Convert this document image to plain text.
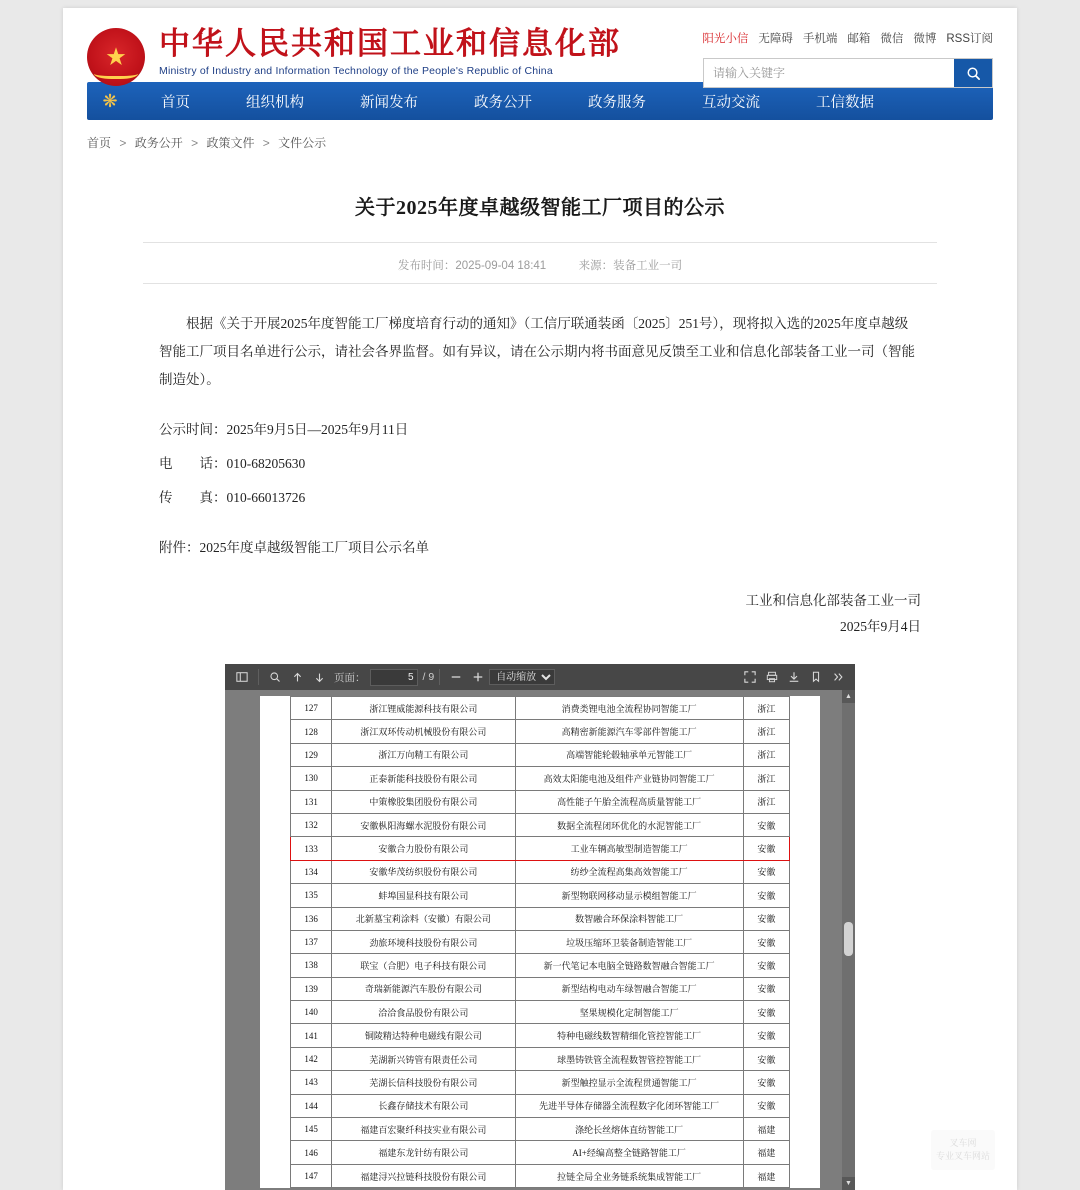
★
中华人民共和国工业和信息化部
Ministry of Industry and Information Technology of the People's Republic of China
阳光小信 无障碍 手机端 邮箱 微信 微博 RSS订阅
请输入关键字
❋	首页	组织机构	新闻发布	政务公开	政务服务	互动交流	工信数据
首页 > 政务公开 > 政策文件 > 文件公示
关于2025年度卓越级智能工厂项目的公示
发布时间：2025-09-04 18:41	来源：装备工业一司

根据《关于开展2025年度智能工厂梯度培育行动的通知》（工信厅联通装函〔2025〕251号），现将拟入选的2025年度卓越级智能工厂项目名单进行公示，请社会各界监督。如有异议，请在公示期内将书面意见反馈至工业和信息化部装备工业一司（智能制造处）。

公示时间：2025年9月5日—2025年9月11日

电　　话：010-68205630

传　　真：010-66013726

附件：2025年度卓越级智能工厂项目公示名单

工业和信息化部装备工业一司
2025年9月4日
页面：
5	/ 9
自动缩放
127	浙江锂威能源科技有限公司	消费类锂电池全流程协同智能工厂	浙江
128	浙江双环传动机械股份有限公司	高精密新能源汽车零部件智能工厂	浙江
129	浙江万向精工有限公司	高端智能轮毂轴承单元智能工厂	浙江
130	正泰新能科技股份有限公司	高效太阳能电池及组件产业链协同智能工厂	浙江
131	中策橡胶集团股份有限公司	高性能子午胎全流程高质量智能工厂	浙江
132	安徽枞阳海螺水泥股份有限公司	数据全流程闭环优化的水泥智能工厂	安徽
133	安徽合力股份有限公司	工业车辆高敏型制造智能工厂	安徽
134	安徽华茂纺织股份有限公司	纺纱全流程高集高效智能工厂	安徽
135	蚌埠国显科技有限公司	新型物联网移动显示模组智能工厂	安徽
136	北新墓宝莉涂料（安徽）有限公司	数智融合环保涂料智能工厂	安徽
137	劲旅环境科技股份有限公司	垃圾压缩环卫装备制造智能工厂	安徽
138	联宝（合肥）电子科技有限公司	新一代笔记本电脑全链路数智融合智能工厂	安徽
139	奇瑞新能源汽车股份有限公司	新型结构电动车绿智融合智能工厂	安徽
140	洽洽食品股份有限公司	坚果规模化定制智能工厂	安徽
141	铜陵精达特种电磁线有限公司	特种电磁线数智精细化管控智能工厂	安徽
142	芜湖新兴铸管有限责任公司	球墨铸铁管全流程数智管控智能工厂	安徽
143	芜湖长信科技股份有限公司	新型触控显示全流程贯通智能工厂	安徽
144	长鑫存储技术有限公司	先进半导体存储器全流程数字化闭环智能工厂	安徽
145	福建百宏聚纤科技实业有限公司	涤纶长丝熔体直纺智能工厂	福建
146	福建东龙针纺有限公司	AI+经编高整全链路智能工厂	福建
147	福建浔兴拉链科技股份有限公司	拉链全局全业务链系统集成智能工厂	福建
▲
▼
叉车网
专业叉车网站
